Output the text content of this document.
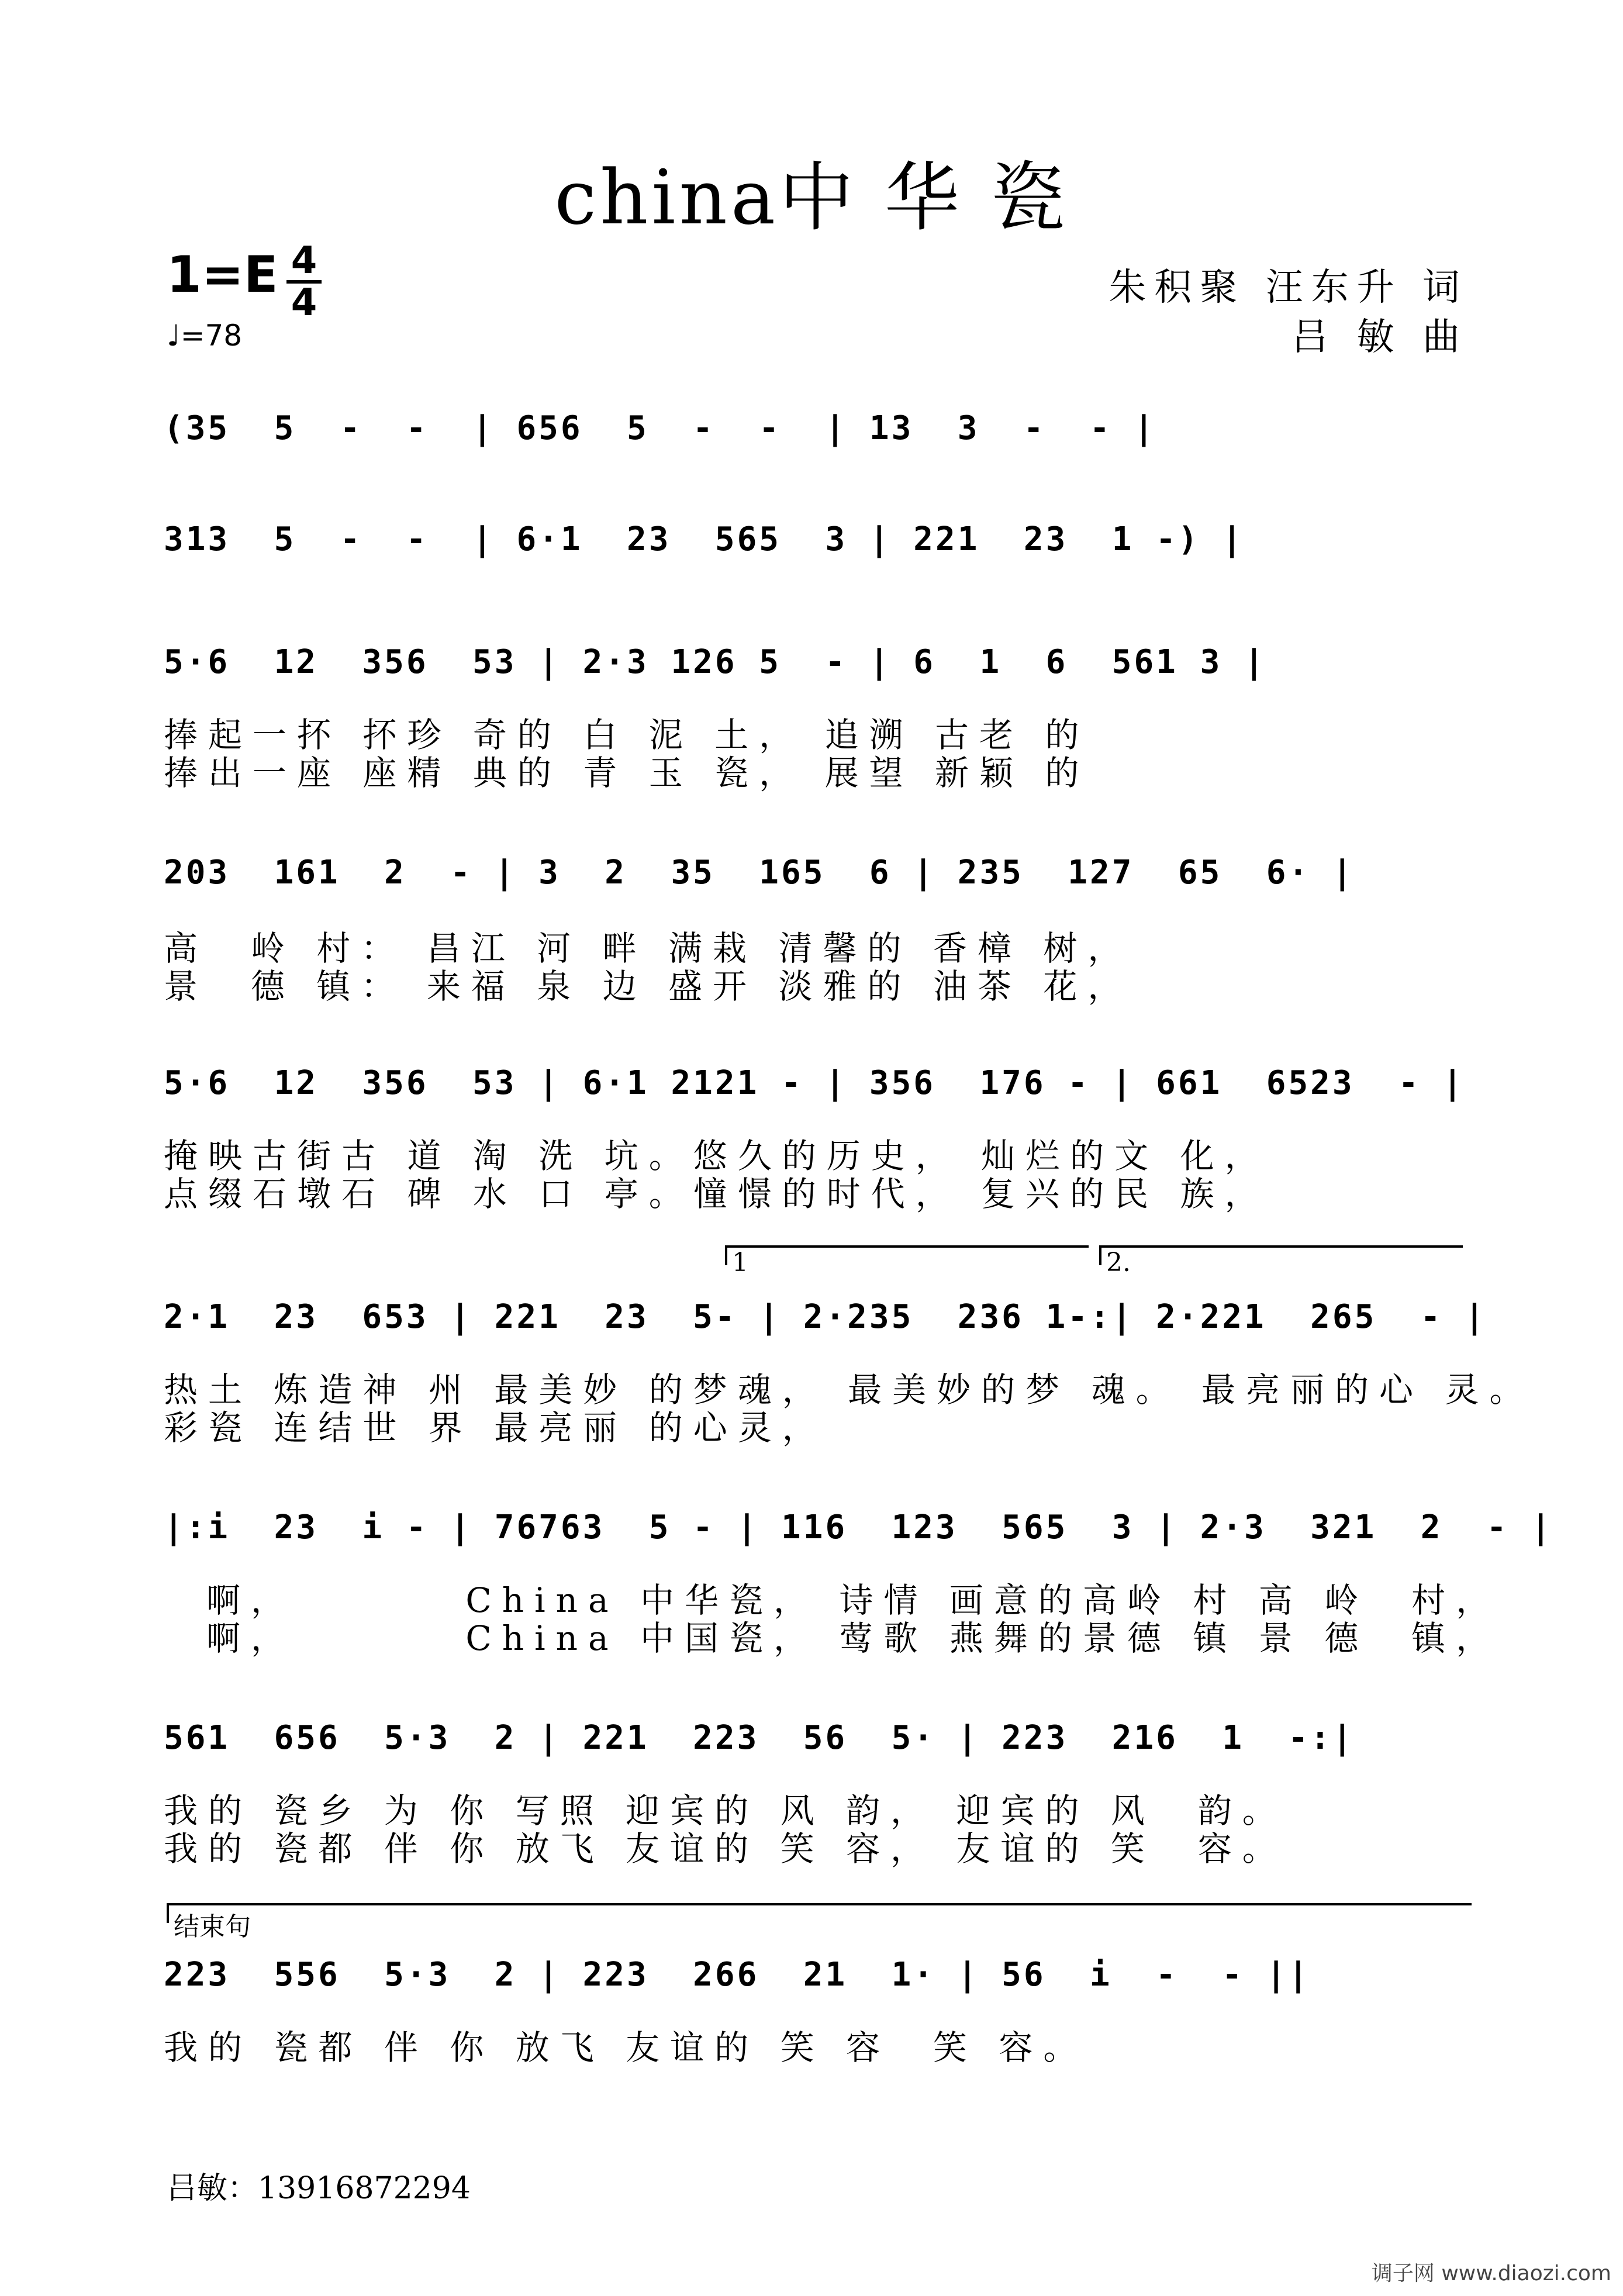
china中 华 瓷
1=E 4
4
♩=78
朱积聚 汪东升 词
吕 敏 曲
(35  5  -  -  | 656  5  -  -  | 13  3  -  - |
313  5  -  -  | 6·1  23  565  3 | 221  23  1 -) |
5·6  12  356  53 | 2·3 126 5  - | 6  1  6  561 3 |
捧起一抔 抔珍 奇的 白 泥 土， 追溯 古老 的
捧出一座 座精 典的 青 玉 瓷， 展望 新颖 的
203  161  2  - | 3  2  35  165  6 | 235  127  65  6· |
高  岭 村： 昌江 河 畔 满栽 清馨的 香樟 树，
景  德 镇： 来福 泉 边 盛开 淡雅的 油茶 花，
5·6  12  356  53 | 6·1 2121 - | 356  176 - | 661  6523  - |
掩映古街古 道 淘 洗 坑。悠久的历史， 灿烂的文 化，
点缀石墩石 碑 水 口 亭。憧憬的时代， 复兴的民 族，
1	2.
2·1  23  653 | 221  23  5- | 2·235  236 1-:| 2·221  265  - |
热土 炼造神 州 最美妙 的梦魂， 最美妙的梦 魂。 最亮丽的心 灵。
彩瓷 连结世 界 最亮丽 的心灵，
|:i  23  i - | 76763  5 - | 116  123  565  3 | 2·3  321  2  - |
啊，        China 中华瓷， 诗情 画意的高岭 村 高 岭  村，
啊，        China 中国瓷， 莺歌 燕舞的景德 镇 景 德  镇，
561  656  5·3  2 | 221  223  56  5· | 223  216  1  -:|
我的 瓷乡 为 你 写照 迎宾的 风 韵， 迎宾的 风  韵。
我的 瓷都 伴 你 放飞 友谊的 笑 容， 友谊的 笑  容。
结束句
223  556  5·3  2 | 223  266  21  1· | 56  i  -  - ||
我的 瓷都 伴 你 放飞 友谊的 笑 容  笑 容。
吕敏：13916872294
调子网 www.diaozi.com
